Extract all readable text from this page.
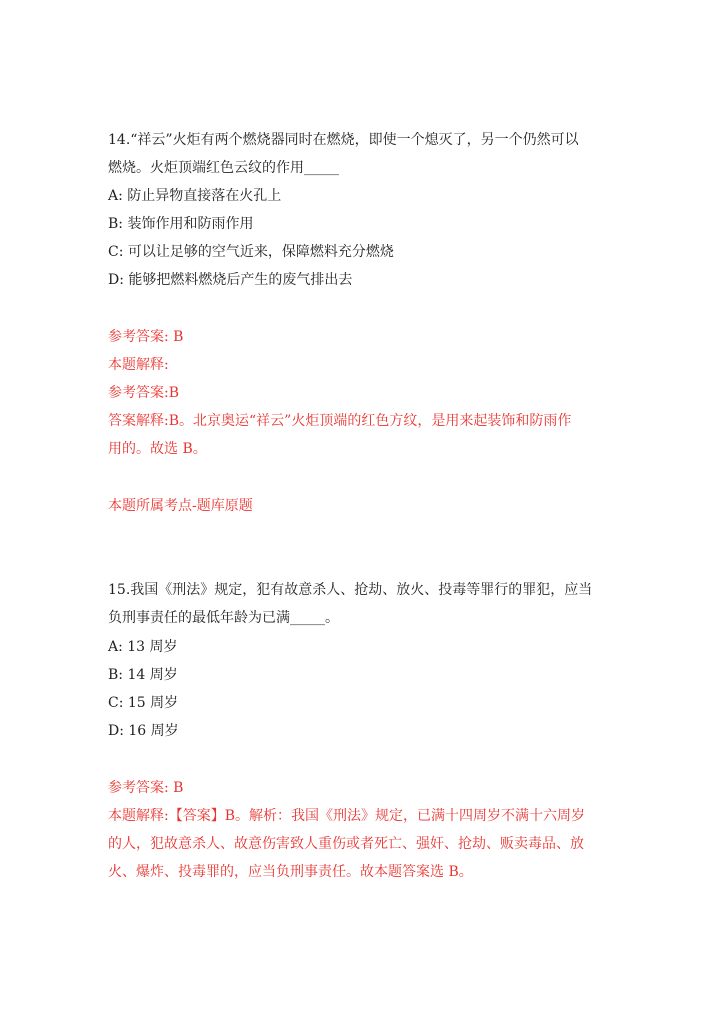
14.“祥云”火炬有两个燃烧器同时在燃烧，即使一个熄灭了，另一个仍然可以
燃烧。火炬顶端红色云纹的作用_____
A: 防止异物直接落在火孔上
B: 装饰作用和防雨作用
C: 可以让足够的空气近来，保障燃料充分燃烧
D: 能够把燃料燃烧后产生的废气排出去
参考答案: B
本题解释:
参考答案:B
答案解释:B。北京奥运“祥云”火炬顶端的红色方纹，是用来起装饰和防雨作
用的。故选 B。
本题所属考点-题库原题
15.我国《刑法》规定，犯有故意杀人、抢劫、放火、投毒等罪行的罪犯，应当
负刑事责任的最低年龄为已满_____。
A: 13 周岁
B: 14 周岁
C: 15 周岁
D: 16 周岁
参考答案: B
本题解释:【答案】B。解析：我国《刑法》规定，已满十四周岁不满十六周岁
的人，犯故意杀人、故意伤害致人重伤或者死亡、强奸、抢劫、贩卖毒品、放
火、爆炸、投毒罪的，应当负刑事责任。故本题答案选 B。
